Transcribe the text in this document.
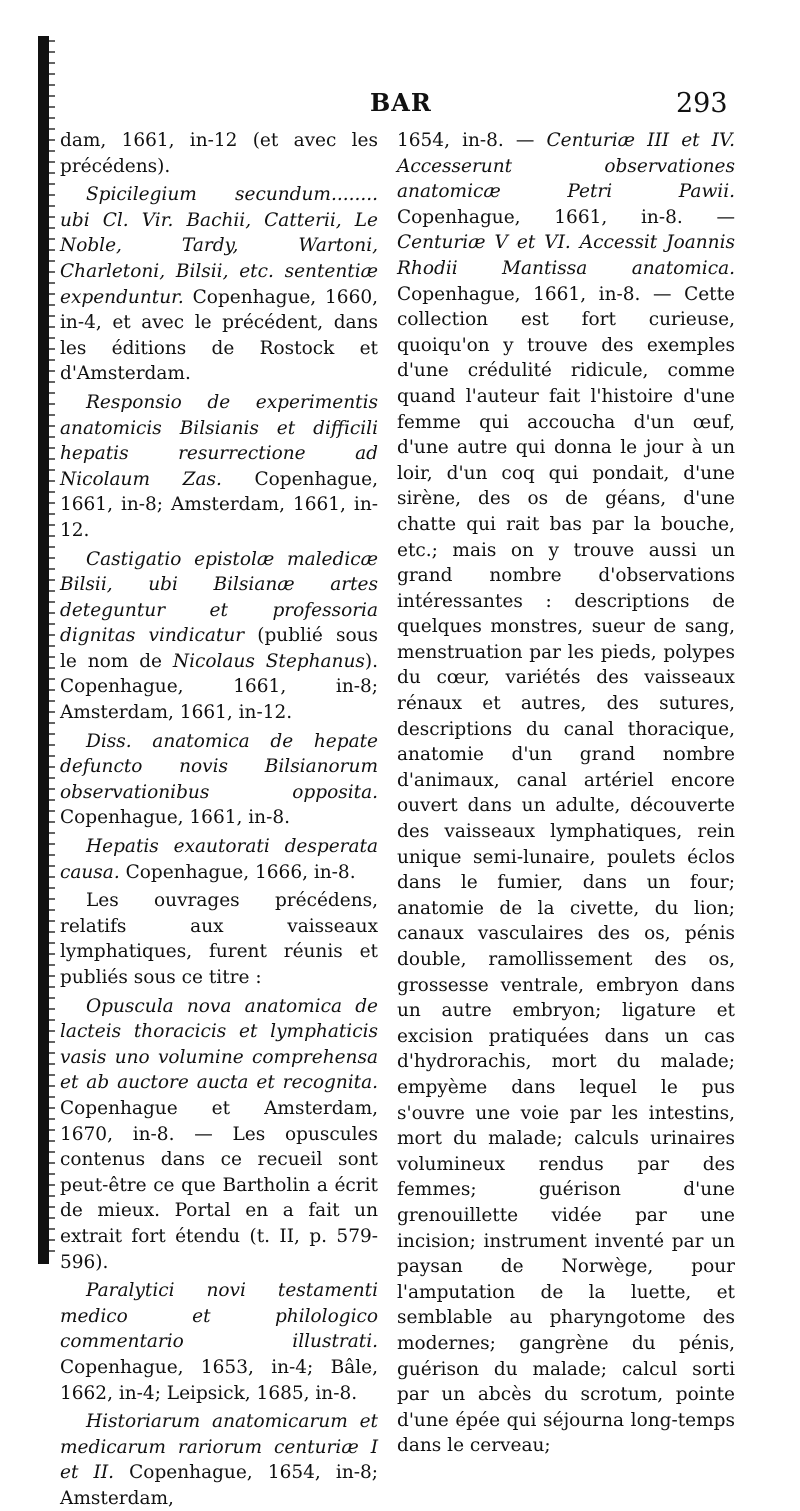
BAR	293

dam, 1661, in-12 (et avec les précédens).

Spicilegium secundum........ ubi Cl. Vir. Bachii, Catterii, Le Noble, Tardy, Wartoni, Charletoni, Bilsii, etc. sententiæ expenduntur. Copenhague, 1660, in-4, et avec le précédent, dans les éditions de Rostock et d'Amsterdam.

Responsio de experimentis anatomicis Bilsianis et difficili hepatis resurrectione ad Nicolaum Zas. Copenhague, 1661, in-8; Amsterdam, 1661, in-12.

Castigatio epistolæ maledicæ Bilsii, ubi Bilsianæ artes deteguntur et professoria dignitas vindicatur (publié sous le nom de Nicolaus Stephanus). Copenhague, 1661, in-8; Amsterdam, 1661, in-12.

Diss. anatomica de hepate defuncto novis Bilsianorum observationibus opposita. Copenhague, 1661, in-8.

Hepatis exautorati desperata causa. Copenhague, 1666, in-8.

Les ouvrages précédens, relatifs aux vaisseaux lymphatiques, furent réunis et publiés sous ce titre :

Opuscula nova anatomica de lacteis thoracicis et lymphaticis vasis uno volumine comprehensa et ab auctore aucta et recognita. Copenhague et Amsterdam, 1670, in-8. — Les opuscules contenus dans ce recueil sont peut-être ce que Bartholin a écrit de mieux. Portal en a fait un extrait fort étendu (t. II, p. 579-596).

Paralytici novi testamenti medico et philologico commentario illustrati. Copenhague, 1653, in-4; Bâle, 1662, in-4; Leipsick, 1685, in-8.

Historiarum anatomicarum et medicarum rariorum centuriæ I et II. Copenhague, 1654, in-8; Amsterdam,

1654, in-8. — Centuriæ III et IV. Accesserunt observationes anatomicæ Petri Pawii. Copenhague, 1661, in-8. — Centuriæ V et VI. Accessit Joannis Rhodii Mantissa anatomica. Copenhague, 1661, in-8. — Cette collection est fort curieuse, quoiqu'on y trouve des exemples d'une crédulité ridicule, comme quand l'auteur fait l'histoire d'une femme qui accoucha d'un œuf, d'une autre qui donna le jour à un loir, d'un coq qui pondait, d'une sirène, des os de géans, d'une chatte qui rait bas par la bouche, etc.; mais on y trouve aussi un grand nombre d'observations intéressantes : descriptions de quelques monstres, sueur de sang, menstruation par les pieds, polypes du cœur, variétés des vaisseaux rénaux et autres, des sutures, descriptions du canal thoracique, anatomie d'un grand nombre d'animaux, canal artériel encore ouvert dans un adulte, découverte des vaisseaux lymphatiques, rein unique semi-lunaire, poulets éclos dans le fumier, dans un four; anatomie de la civette, du lion; canaux vasculaires des os, pénis double, ramollissement des os, grossesse ventrale, embryon dans un autre embryon; ligature et excision pratiquées dans un cas d'hydrorachis, mort du malade; empyème dans lequel le pus s'ouvre une voie par les intestins, mort du malade; calculs urinaires volumineux rendus par des femmes; guérison d'une grenouillette vidée par une incision; instrument inventé par un paysan de Norwège, pour l'amputation de la luette, et semblable au pharyngotome des modernes; gangrène du pénis, guérison du malade; calcul sorti par un abcès du scrotum, pointe d'une épée qui séjourna long-temps dans le cerveau;
